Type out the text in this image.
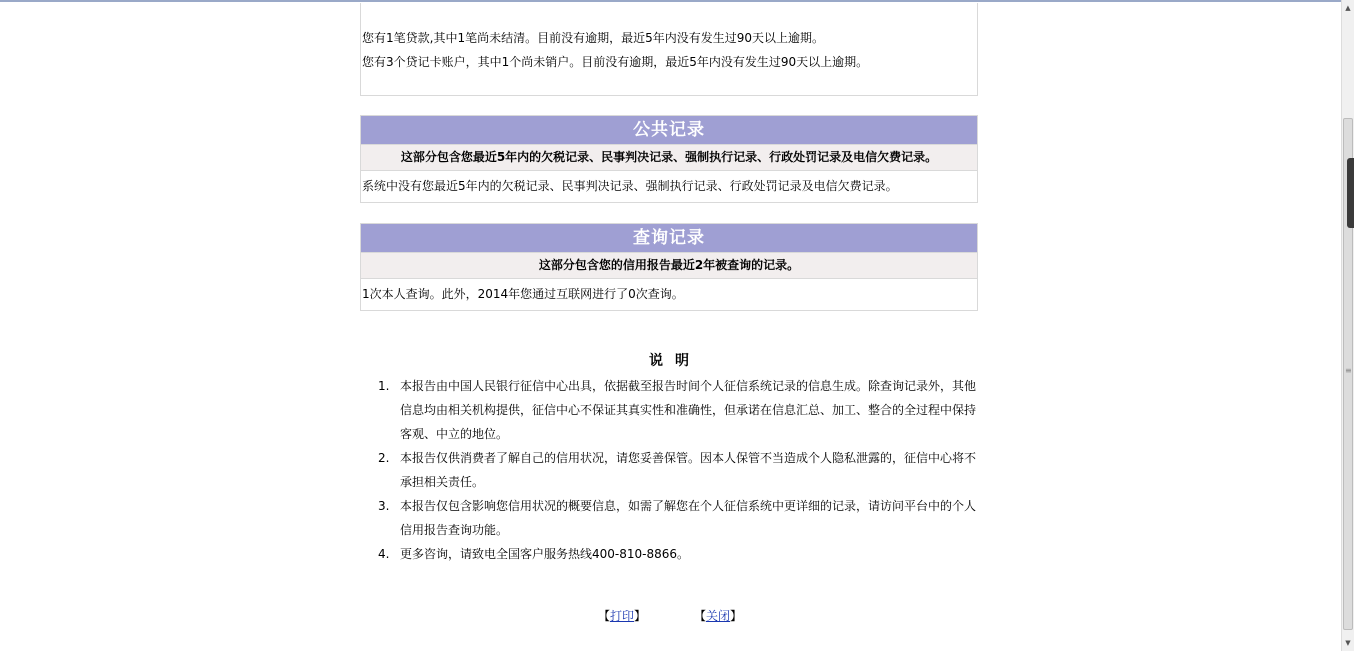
您有1笔贷款,其中1笔尚未结清。目前没有逾期，最近5年内没有发生过90天以上逾期。
您有3个贷记卡账户，其中1个尚未销户。目前没有逾期，最近5年内没有发生过90天以上逾期。
公共记录
这部分包含您最近5年内的欠税记录、民事判决记录、强制执行记录、行政处罚记录及电信欠费记录。
系统中没有您最近5年内的欠税记录、民事判决记录、强制执行记录、行政处罚记录及电信欠费记录。
查询记录
这部分包含您的信用报告最近2年被查询的记录。
1次本人查询。此外，2014年您通过互联网进行了0次查询。
说明
1. 本报告由中国人民银行征信中心出具，依据截至报告时间个人征信系统记录的信息生成。除查询记录外，其他信息均由相关机构提供，征信中心不保证其真实性和准确性，但承诺在信息汇总、加工、整合的全过程中保持客观、中立的地位。
2. 本报告仅供消费者了解自己的信用状况，请您妥善保管。因本人保管不当造成个人隐私泄露的，征信中心将不承担相关责任。
3. 本报告仅包含影响您信用状况的概要信息，如需了解您在个人征信系统中更详细的记录，请访问平台中的个人信用报告查询功能。
4. 更多咨询，请致电全国客户服务热线400-810-8866。
【打印】	【关闭】
▲
≡
▼
